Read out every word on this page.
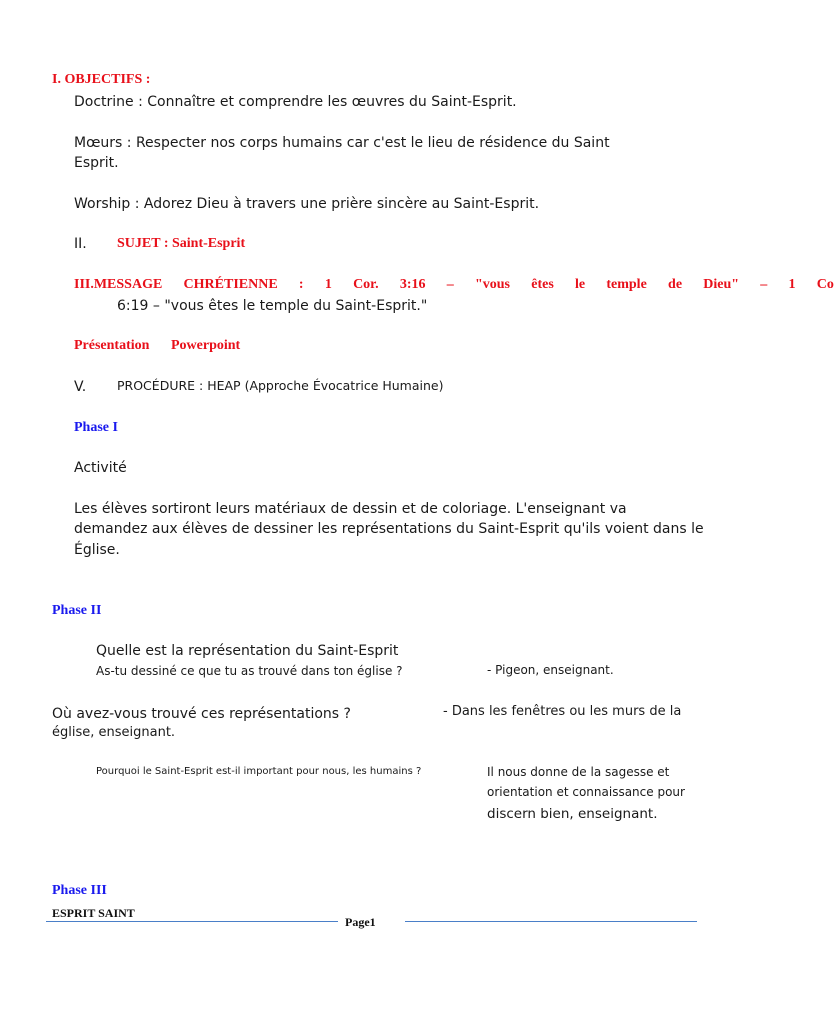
I. OBJECTIFS :
Doctrine : Connaître et comprendre les œuvres du Saint-Esprit.
Mœurs : Respecter nos corps humains car c'est le lieu de résidence du Saint
Esprit.
Worship : Adorez Dieu à travers une prière sincère au Saint-Esprit.
II. SUJET : Saint-Esprit
III.MESSAGE CHRÉTIENNE : 1 Cor. 3:16 – "vous êtes le temple de Dieu" – 1 Co
6:19 – "vous êtes le temple du Saint-Esprit."
Présentation Powerpoint
V. PROCÉDURE : HEAP (Approche Évocatrice Humaine)
Phase I
Activité
Les élèves sortiront leurs matériaux de dessin et de coloriage. L'enseignant va
demandez aux élèves de dessiner les représentations du Saint-Esprit qu'ils voient dans le
Église.
Phase II
Quelle est la représentation du Saint-Esprit
As-tu dessiné ce que tu as trouvé dans ton église ?	- Pigeon, enseignant.
Où avez-vous trouvé ces représentations ?	- Dans les fenêtres ou les murs de la
église, enseignant.
Pourquoi le Saint-Esprit est-il important pour nous, les humains ?	Il nous donne de la sagesse et
orientation et connaissance pour
discern bien, enseignant.
Phase III
ESPRIT SAINT
Page1
